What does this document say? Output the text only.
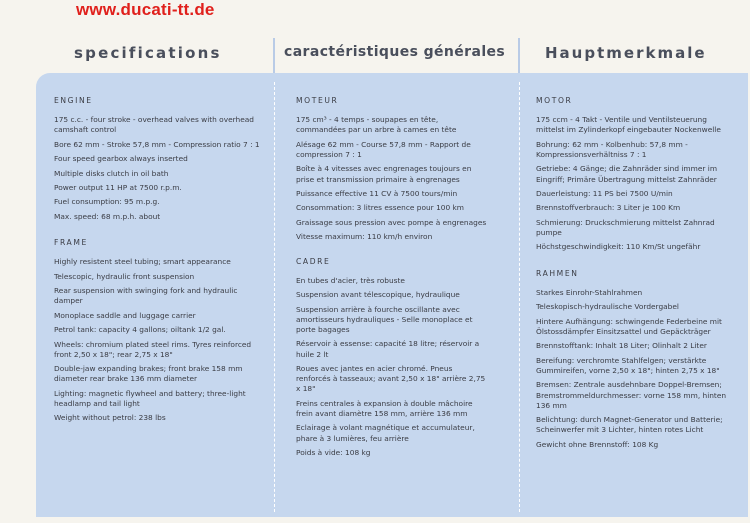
www.ducati-tt.de
specifications	caractéristiques générales	Hauptmerkmale
ENGINE
175 c.c. - four stroke - overhead valves with overhead camshaft control
Bore 62 mm - Stroke 57,8 mm - Compression ratio 7 : 1
Four speed gearbox always inserted
Multiple disks clutch in oil bath
Power output 11 HP at 7500 r.p.m.
Fuel consumption: 95 m.p.g.
Max. speed: 68 m.p.h. about
FRAME
Highly resistent steel tubing; smart appearance
Telescopic, hydraulic front suspension
Rear suspension with swinging fork and hydraulic damper
Monoplace saddle and luggage carrier
Petrol tank: capacity 4 gallons; oiltank 1/2 gal.
Wheels: chromium plated steel rims. Tyres reinforced front 2,50 x 18"; rear 2,75 x 18"
Double-jaw expanding brakes; front brake 158 mm diameter rear brake 136 mm diameter
Lighting: magnetic flywheel and battery; three-light headlamp and tail light
Weight without petrol: 238 lbs
MOTEUR
175 cm³ - 4 temps - soupapes en tête, commandées par un arbre à cames en tête
Alésage 62 mm - Course 57,8 mm - Rapport de compression 7 : 1
Boîte à 4 vitesses avec engrenages toujours en prise et transmission primaire à engrenages
Puissance effective 11 CV à 7500 tours/min
Consommation: 3 litres essence pour 100 km
Graissage sous pression avec pompe à engrenages
Vitesse maximum: 110 km/h environ
CADRE
En tubes d'acier, très robuste
Suspension avant télescopique, hydraulique
Suspension arrière à fourche oscillante avec amortisseurs hydrauliques - Selle monoplace et porte bagages
Réservoir à essense: capacité 18 litre; réservoir a huile 2 lt
Roues avec jantes en acier chromé. Pneus renforcés à tasseaux; avant 2,50 x 18" arrière 2,75 x 18"
Freins centrales à expansion à double mâchoire frein avant diamètre 158 mm, arrière 136 mm
Eclairage à volant magnétique et accumulateur, phare à 3 lumières, feu arrière
Poids à vide: 108 kg
MOTOR
175 ccm - 4 Takt - Ventile und Ventilsteuerung mittelst im Zylinderkopf eingebauter Nockenwelle
Bohrung: 62 mm - Kolbenhub: 57,8 mm - Kompressionsverhältniss 7 : 1
Getriebe: 4 Gänge; die Zahnräder sind immer im Eingriff; Primäre Übertragung mittelst Zahnräder
Dauerleistung: 11 PS bei 7500 U/min
Brennstoffverbrauch: 3 Liter je 100 Km
Schmierung: Druckschmierung mittelst Zahnrad pumpe
Höchstgeschwindigkeit: 110 Km/St ungefähr
RAHMEN
Starkes Einrohr-Stahlrahmen
Teleskopisch-hydraulische Vordergabel
Hintere Aufhängung: schwingende Federbeine mit Ölstossdämpfer Einsitzsattel und Gepäckträger
Brennstofftank: Inhalt 18 Liter; Olinhalt 2 Liter
Bereifung: verchromte Stahlfelgen; verstärkte Gummireifen, vorne 2,50 x 18"; hinten 2,75 x 18"
Bremsen: Zentrale ausdehnbare Doppel-Bremsen; Bremstrommeldurchmesser: vorne 158 mm, hinten 136 mm
Belichtung: durch Magnet-Generator und Batterie; Scheinwerfer mit 3 Lichter, hinten rotes Licht
Gewicht ohne Brennstoff: 108 Kg
